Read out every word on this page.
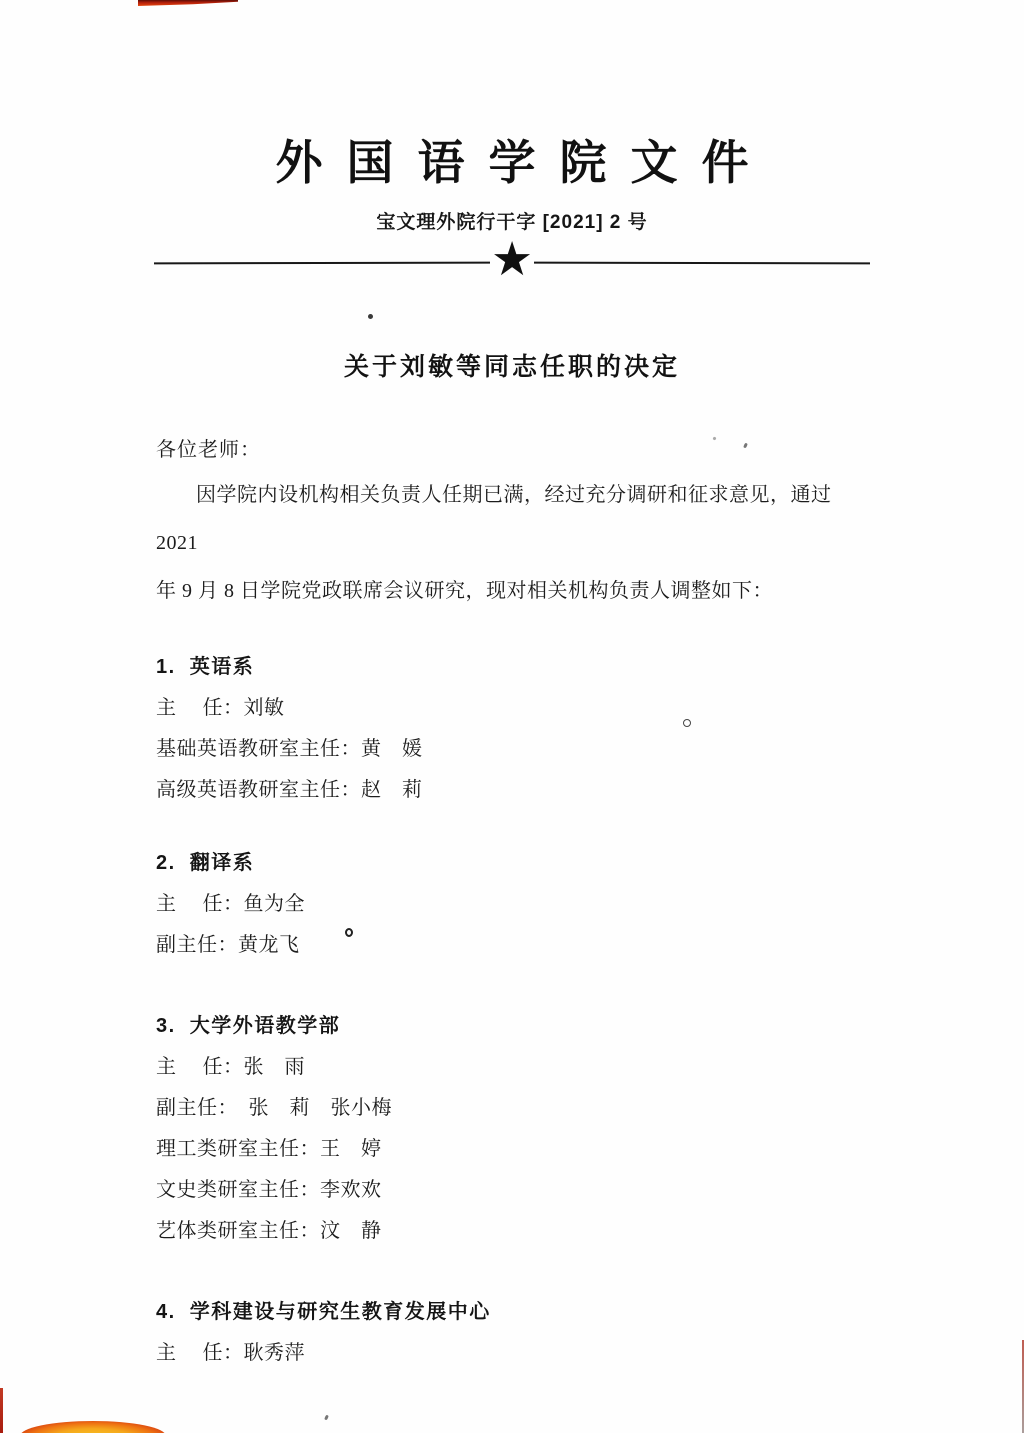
外国语学院文件
宝文理外院行干字 [2021] 2 号
★
关于刘敏等同志任职的决定
各位老师：
因学院内设机构相关负责人任期已满，经过充分调研和征求意见，通过 2021
年 9 月 8 日学院党政联席会议研究，现对相关机构负责人调整如下：
1.  英语系
主　 任：刘敏
基础英语教研室主任：黄　媛
高级英语教研室主任：赵　莉
2.  翻译系
主　 任：鱼为全
副主任：黄龙飞
3.  大学外语教学部
主　 任：张　雨
副主任：　张　莉　张小梅
理工类研室主任：王　婷
文史类研室主任：李欢欢
艺体类研室主任：汶　静
4.  学科建设与研究生教育发展中心
主　 任：耿秀萍
